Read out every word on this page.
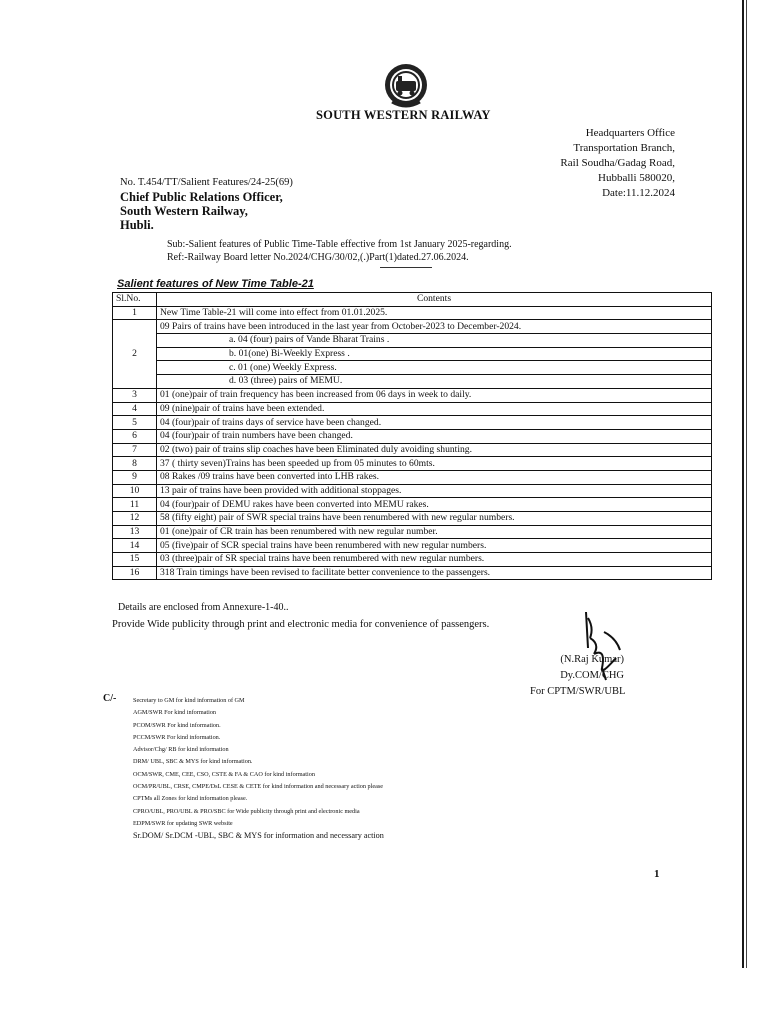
SOUTH WESTERN RAILWAY
Headquarters Office
Transportation Branch,
Rail Soudha/Gadag Road,
Hubballi 580020,
Date:11.12.2024
No. T.454/TT/Salient Features/24-25(69)
Chief Public Relations Officer,
South Western Railway,
Hubli.
Sub:-Salient features of Public Time-Table effective from 1st January 2025-regarding.
Ref:-Railway Board letter No.2024/CHG/30/02,(.)Part(1)dated.27.06.2024.
Salient features of New Time Table-21
Sl.No.	Contents
1	New Time Table-21 will come into effect from 01.01.2025.
2	09 Pairs of trains have been introduced in the last year from October-2023 to December-2024.
	a. 04 (four) pairs of Vande Bharat Trains .
	b. 01(one) Bi-Weekly Express .
	c. 01 (one) Weekly Express.
	d. 03 (three) pairs of MEMU.
3	01 (one)pair of train frequency has been increased from 06 days in week to daily.
4	09 (nine)pair of trains have been extended.
5	04 (four)pair of trains days of service have been changed.
6	04 (four)pair of train numbers have been changed.
7	02 (two) pair of trains slip coaches have been Eliminated duly avoiding shunting.
8	37 ( thirty seven)Trains has been speeded up from 05 minutes to 60mts.
9	08 Rakes /09 trains have been converted into LHB rakes.
10	13 pair of trains have been provided with additional stoppages.
11	04 (four)pair of DEMU rakes have been converted into MEMU rakes.
12	58 (fifty eight) pair of SWR special trains have been renumbered with new regular numbers.
13	01 (one)pair of CR train has been renumbered with new regular number.
14	05 (five)pair of SCR special trains have been renumbered with new regular numbers.
15	03 (three)pair of SR special trains have been renumbered with new regular numbers.
16	318 Train timings have been revised to facilitate better convenience to the passengers.
Details are enclosed from Annexure-1-40..
Provide Wide publicity through print and electronic media for convenience of passengers.
(N.Raj Kumar)
Dy.COM/CHG
For CPTM/SWR/UBL
C/-	Secretary to GM for kind information of GM
AGM/SWR For kind information
PCOM/SWR For kind information.
PCCM/SWR For kind information.
Advisor/Chg/ RB for kind information
DRM/ UBL, SBC & MYS for kind information.
OCM/SWR, CME, CEE, CSO, CSTE & FA & CAO for kind information
OCM/PR/UBL, CRSE, CMPE/DsL CESE & CETE for kind information and necessary action please
CPTMs all Zones for kind information please.
CPRO/UBL, PRO/UBL & PRO/SBC for Wide publicity through print and electronic media
EDPM/SWR for updating SWR website
Sr.DOM/ Sr.DCM -UBL, SBC & MYS for information and necessary action
1
